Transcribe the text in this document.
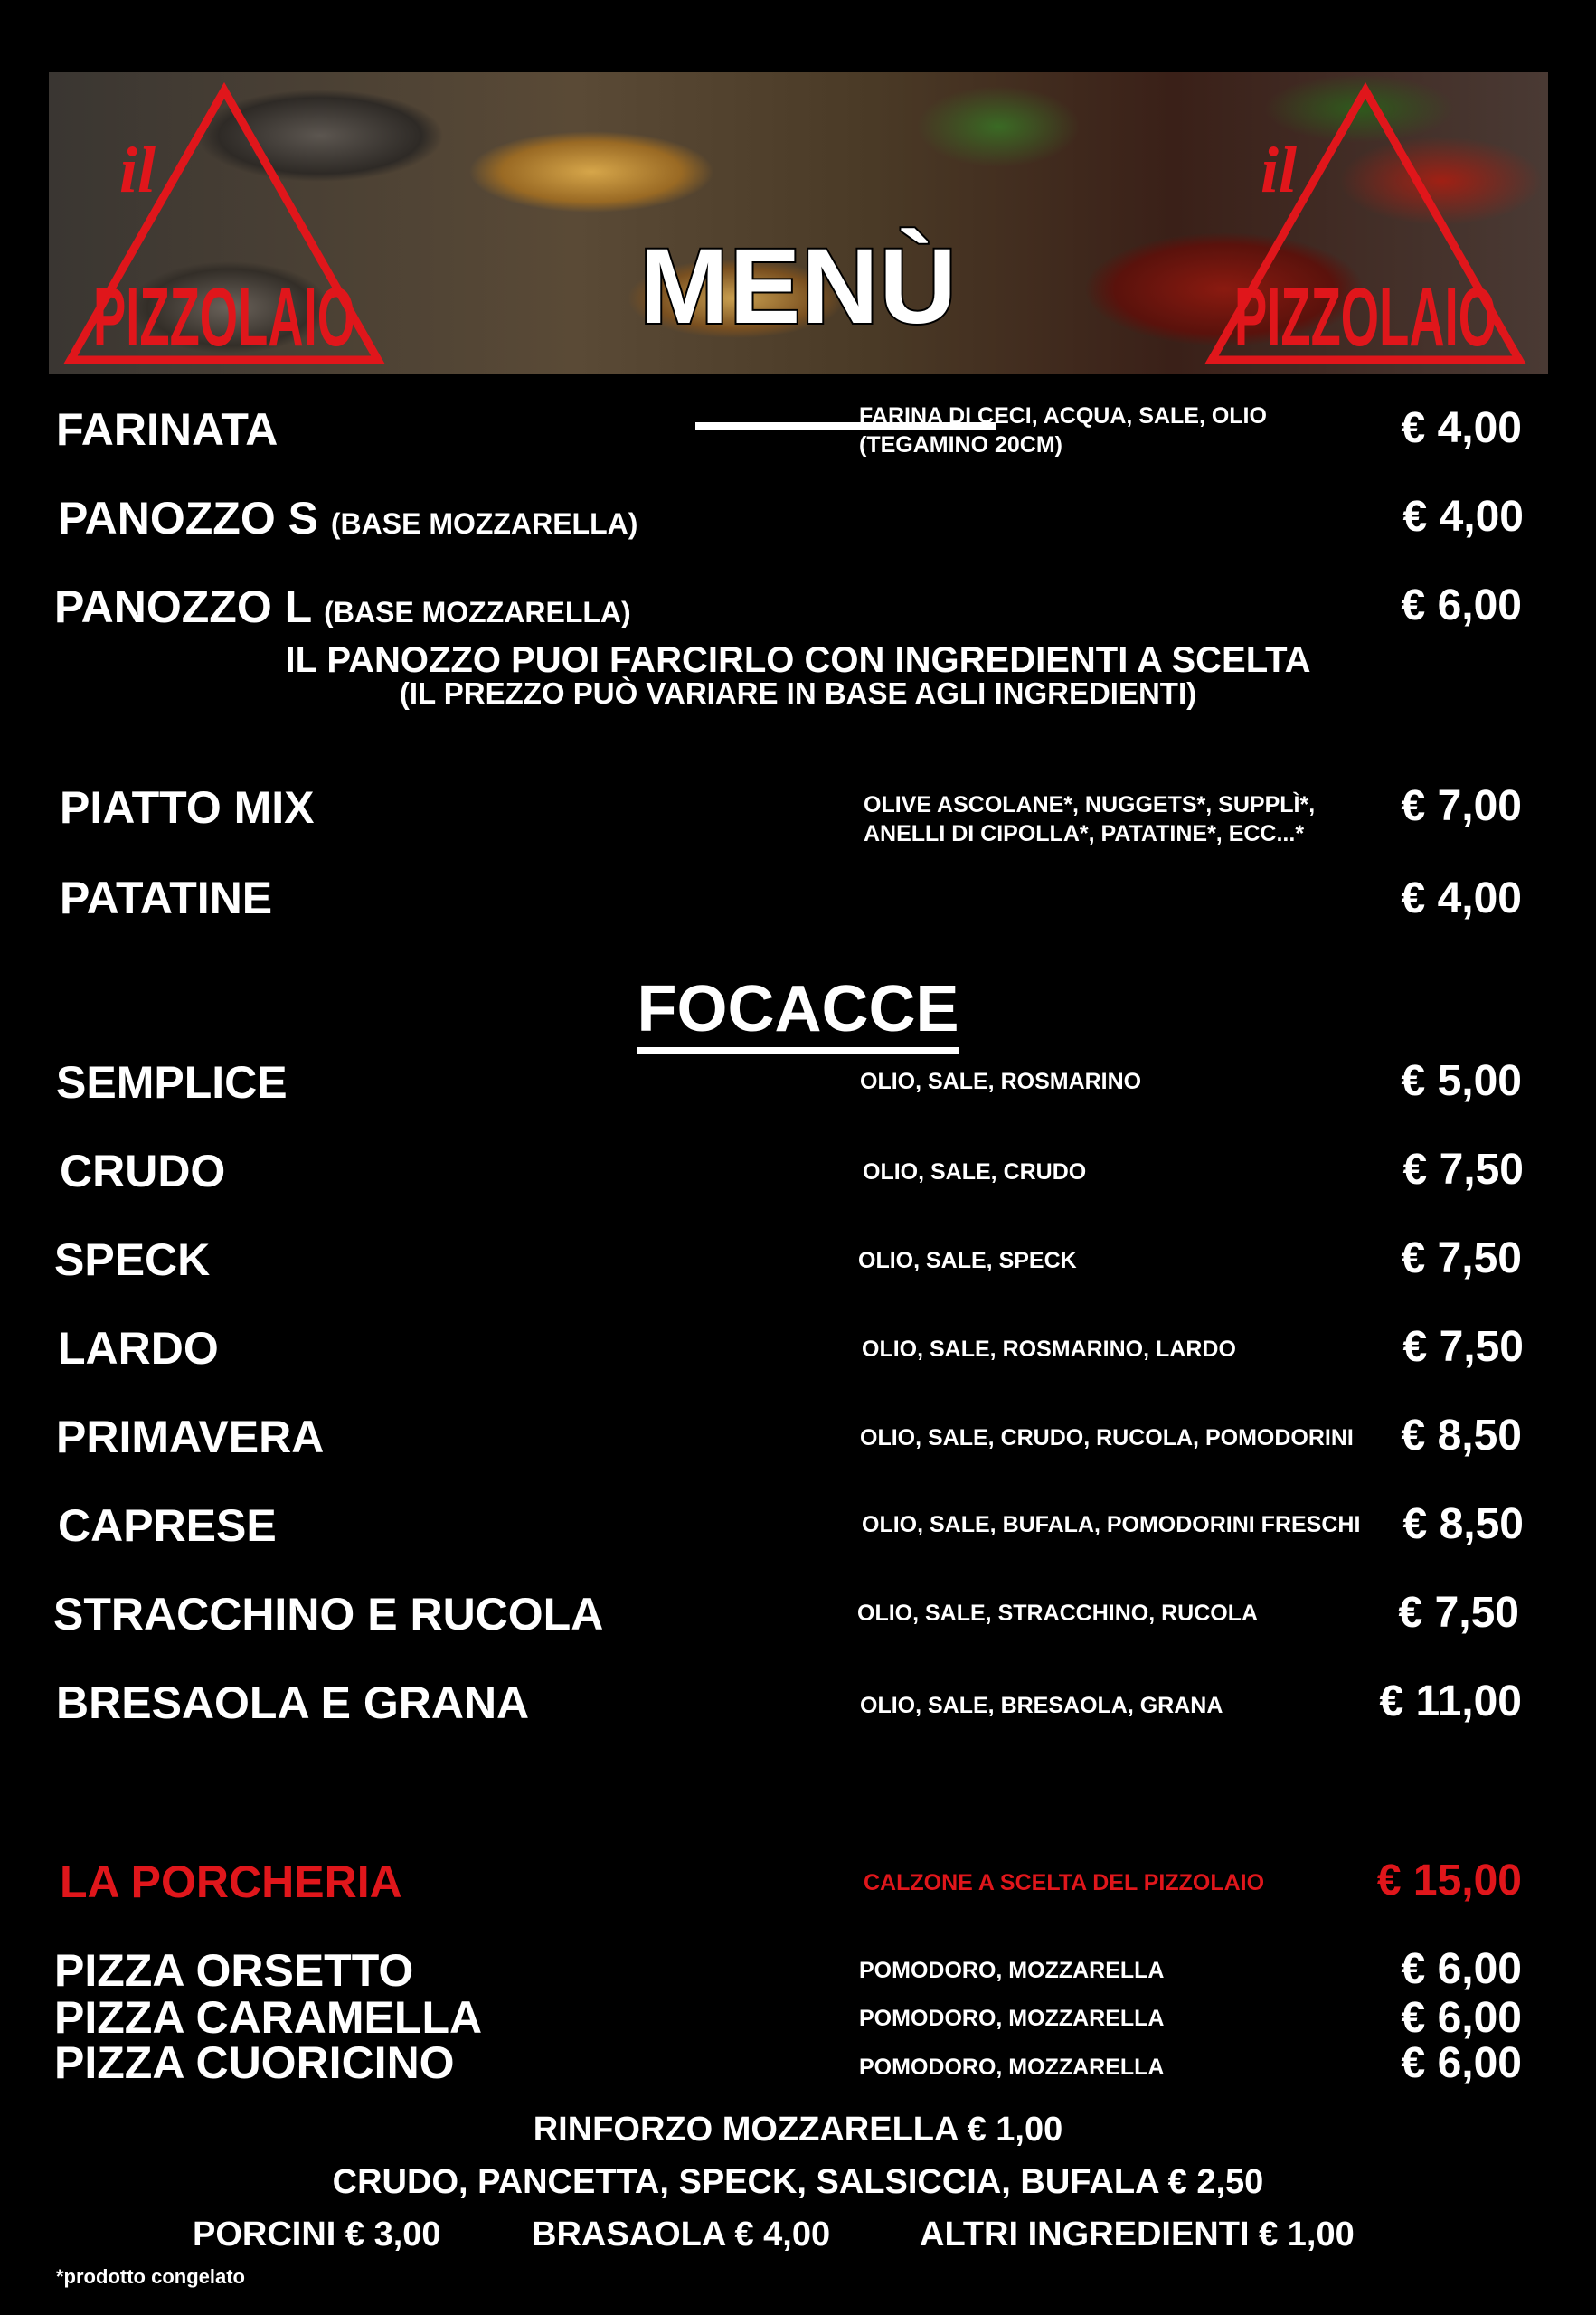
il
PIZZOLAIO	MENÙ
il
PIZZOLAIO
FARINATA	FARINA DI CECI, ACQUA, SALE, OLIO
(TEGAMINO 20CM)	€ 4,00
PANOZZO S (BASE MOZZARELLA)	€ 4,00
PANOZZO L (BASE MOZZARELLA)	€ 6,00
IL PANOZZO PUOI FARCIRLO CON INGREDIENTI A SCELTA
(IL PREZZO PUÒ VARIARE IN BASE AGLI INGREDIENTI)
PIATTO MIX	OLIVE ASCOLANE*, NUGGETS*, SUPPLÌ*,
ANELLI DI CIPOLLA*, PATATINE*, ECC...*
€ 7,00
PATATINE	€ 4,00
FOCACCE
SEMPLICE	OLIO, SALE, ROSMARINO	€ 5,00
CRUDO	OLIO, SALE, CRUDO	€ 7,50
SPECK	OLIO, SALE, SPECK	€ 7,50
LARDO	OLIO, SALE, ROSMARINO, LARDO	€ 7,50
PRIMAVERA	OLIO, SALE, CRUDO, RUCOLA, POMODORINI € 8,50
CAPRESE	OLIO, SALE, BUFALA, POMODORINI FRESCHI € 8,50
STRACCHINO E RUCOLA	OLIO, SALE, STRACCHINO, RUCOLA	€ 7,50
BRESAOLA E GRANA	OLIO, SALE, BRESAOLA, GRANA	€ 11,00
LA PORCHERIA	CALZONE A SCELTA DEL PIZZOLAIO	€ 15,00
PIZZA ORSETTO	POMODORO, MOZZARELLA	€ 6,00
PIZZA CARAMELLA	POMODORO, MOZZARELLA	€ 6,00
PIZZA CUORICINO	POMODORO, MOZZARELLA	€ 6,00
RINFORZO MOZZARELLA € 1,00
CRUDO, PANCETTA, SPECK, SALSICCIA, BUFALA € 2,50
PORCINI € 3,00	BRASAOLA € 4,00	ALTRI INGREDIENTI € 1,00
*prodotto congelato
